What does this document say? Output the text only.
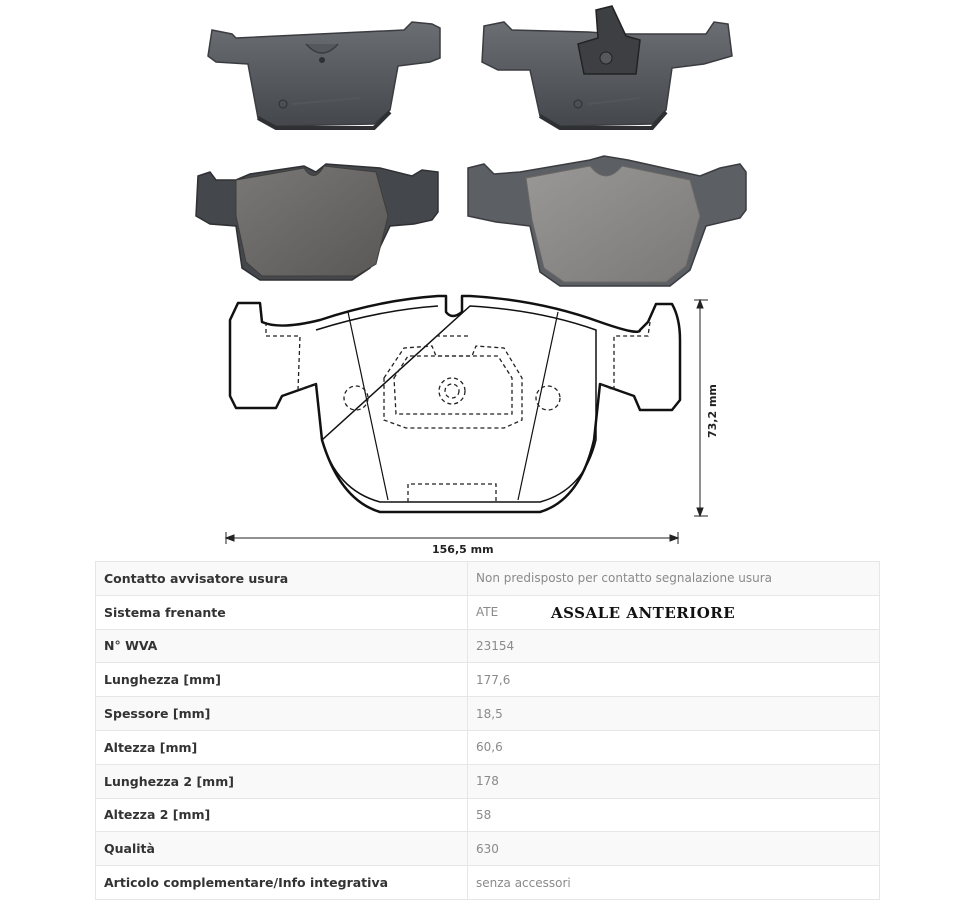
73,2 mm
156,5 mm
Contatto avvisatore usura	Non predisposto per contatto segnalazione usura
Sistema frenante	ATE
N° WVA	23154
Lunghezza [mm]	177,6
Spessore [mm]	18,5
Altezza [mm]	60,6
Lunghezza 2 [mm]	178
Altezza 2 [mm]	58
Qualità	630
Articolo complementare/Info integrativa	senza accessori
ASSALE ANTERIORE
